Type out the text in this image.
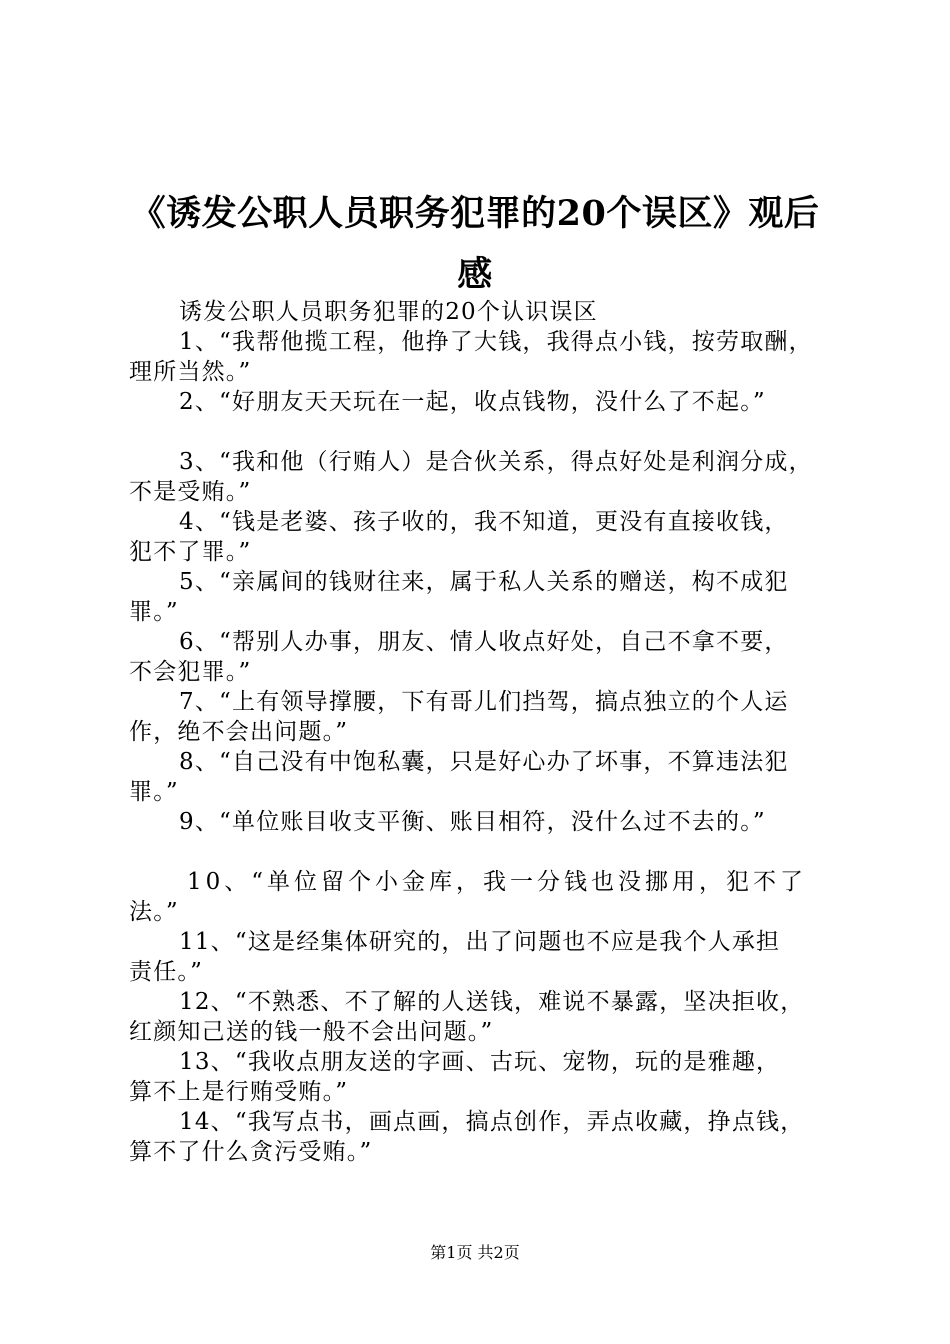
《诱发公职人员职务犯罪的20个误区》观后
感
诱发公职人员职务犯罪的20个认识误区
1、“我帮他揽工程，他挣了大钱，我得点小钱，按劳取酬，
理所当然。”
2、“好朋友天天玩在一起，收点钱物，没什么了不起。”
3、“我和他（行贿人）是合伙关系，得点好处是利润分成，
不是受贿。”
4、“钱是老婆、孩子收的，我不知道，更没有直接收钱，
犯不了罪。”
5、“亲属间的钱财往来，属于私人关系的赠送，构不成犯
罪。”
6、“帮别人办事，朋友、情人收点好处，自己不拿不要，
不会犯罪。”
7、“上有领导撑腰，下有哥儿们挡驾，搞点独立的个人运
作，绝不会出问题。”
8、“自己没有中饱私囊，只是好心办了坏事，不算违法犯
罪。”
9、“单位账目收支平衡、账目相符，没什么过不去的。”
10、“单位留个小金库，我一分钱也没挪用，犯不了
法。”
11、“这是经集体研究的，出了问题也不应是我个人承担
责任。”
12、“不熟悉、不了解的人送钱，难说不暴露，坚决拒收，
红颜知己送的钱一般不会出问题。”
13、“我收点朋友送的字画、古玩、宠物，玩的是雅趣，
算不上是行贿受贿。”
14、“我写点书，画点画，搞点创作，弄点收藏，挣点钱，
算不了什么贪污受贿。”
第1页 共2页
